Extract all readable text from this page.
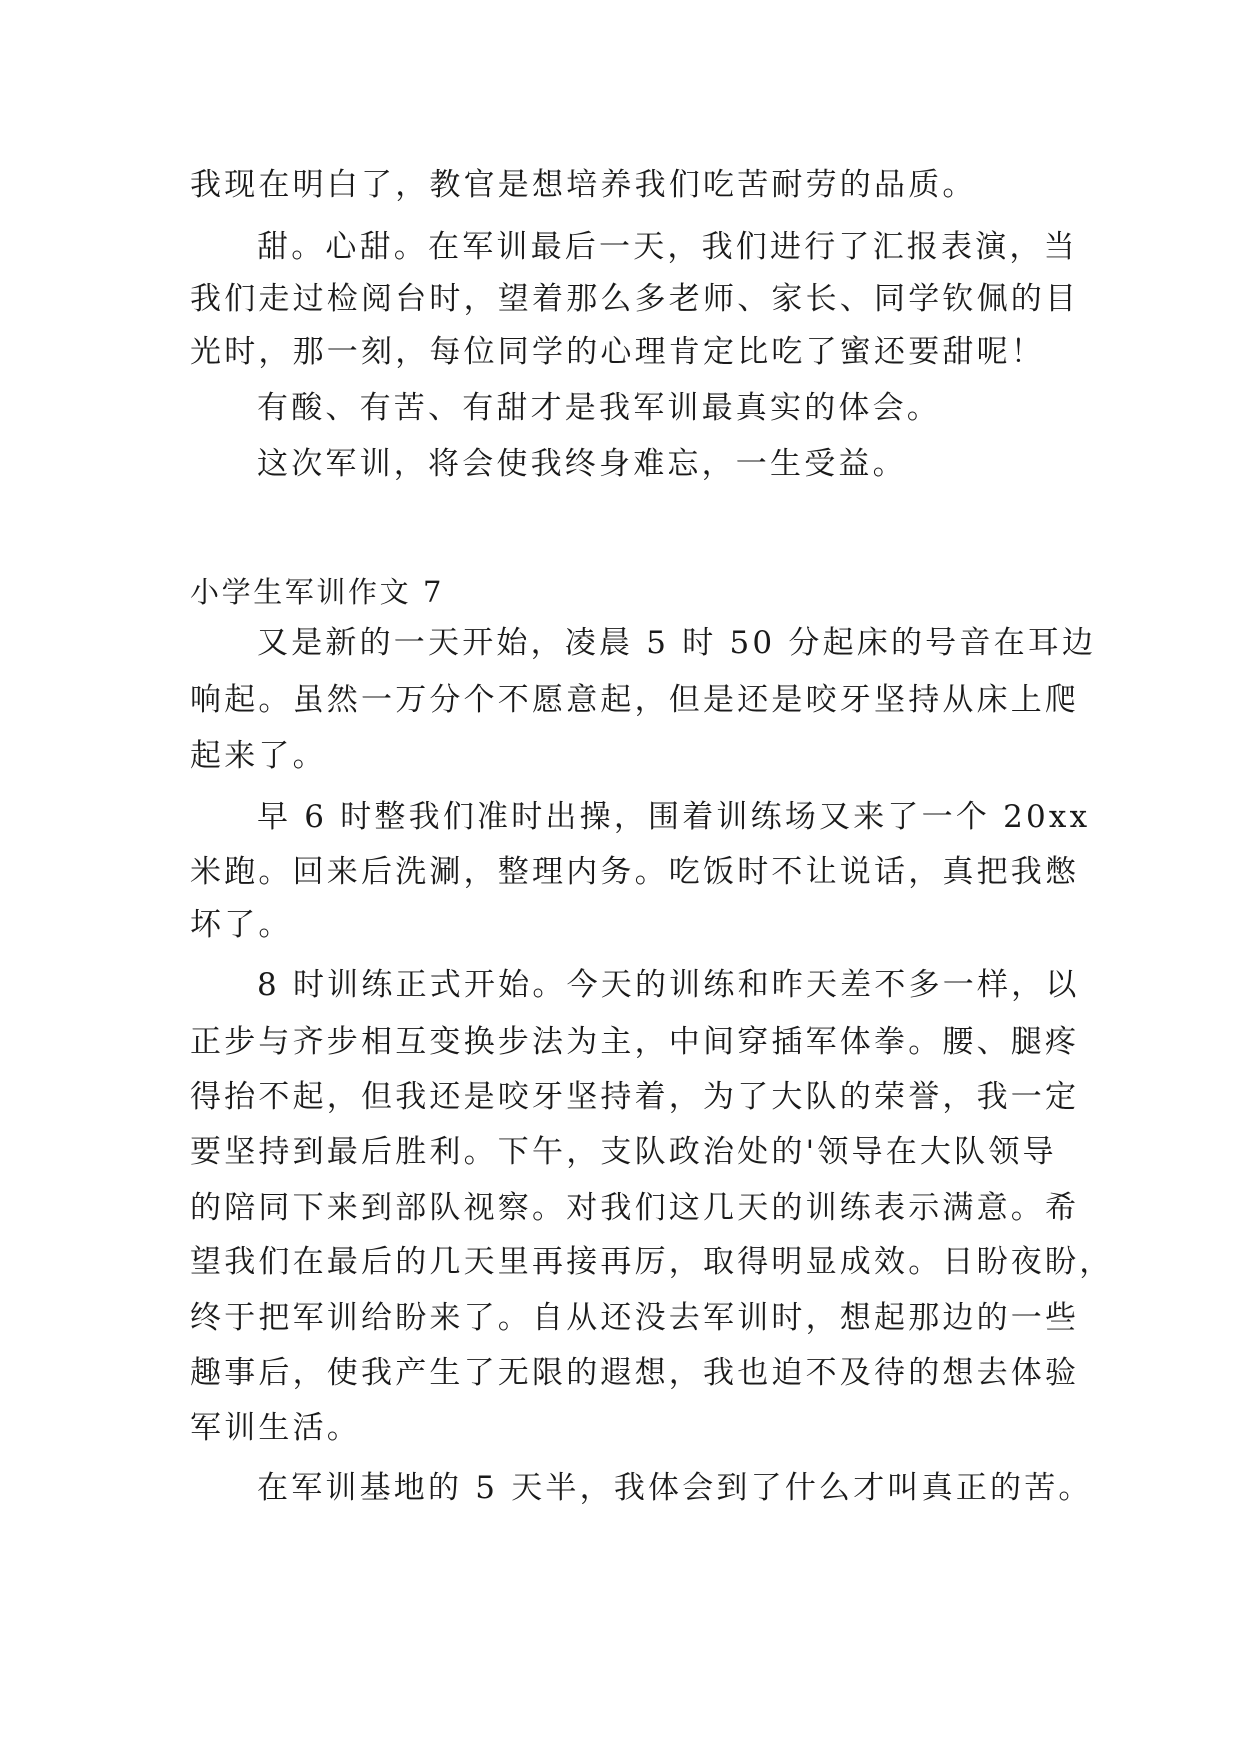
我现在明白了，教官是想培养我们吃苦耐劳的品质。
甜。心甜。在军训最后一天，我们进行了汇报表演，当
我们走过检阅台时，望着那么多老师、家长、同学钦佩的目
光时，那一刻，每位同学的心理肯定比吃了蜜还要甜呢！
有酸、有苦、有甜才是我军训最真实的体会。
这次军训，将会使我终身难忘，一生受益。
小学生军训作文 7
又是新的一天开始，凌晨 5 时 50 分起床的号音在耳边
响起。虽然一万分个不愿意起，但是还是咬牙坚持从床上爬
起来了。
早 6 时整我们准时出操，围着训练场又来了一个 20xx
米跑。回来后洗涮，整理内务。吃饭时不让说话，真把我憋
坏了。
8 时训练正式开始。今天的训练和昨天差不多一样，以
正步与齐步相互变换步法为主，中间穿插军体拳。腰、腿疼
得抬不起，但我还是咬牙坚持着，为了大队的荣誉，我一定
要坚持到最后胜利。下午，支队政治处的'领导在大队领导
的陪同下来到部队视察。对我们这几天的训练表示满意。希
望我们在最后的几天里再接再厉，取得明显成效。日盼夜盼，
终于把军训给盼来了。自从还没去军训时，想起那边的一些
趣事后，使我产生了无限的遐想，我也迫不及待的想去体验
军训生活。
在军训基地的 5 天半，我体会到了什么才叫真正的苦。
